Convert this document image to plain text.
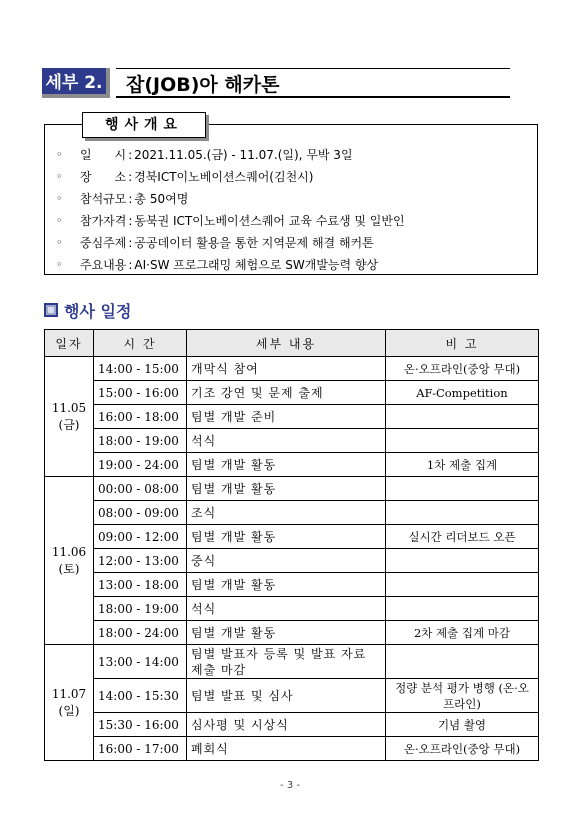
세부 2.	잡(JOB)아 해카톤
행사개요
◦	일      시 : 2021.11.05.(금) - 11.07.(일), 무박 3일
◦	장      소 : 경북ICT이노베이션스퀘어(김천시)
◦	참석규모 : 총 50여명
◦	참가자격 : 동북권 ICT이노베이션스퀘어 교육 수료생 및 일반인
◦	중심주제 : 공공데이터 활용을 통한 지역문제 해결 해커톤
◦	주요내용 : AI·SW 프로그래밍 체험으로 SW개발능력 향상
행사 일정
일자	시 간	세부 내용	비 고
11.05
(금)	14:00 - 15:00	개막식 참여	온·오프라인(중앙 무대)
	15:00 - 16:00	기조 강연 및 문제 출제	AF-Competition
	16:00 - 18:00	팀별 개발 준비	
	18:00 - 19:00	석식	
	19:00 - 24:00	팀별 개발 활동	1차 제출 집계
11.06
(토)	00:00 - 08:00	팀별 개발 활동	
	08:00 - 09:00	조식	
	09:00 - 12:00	팀별 개발 활동	실시간 리더보드 오픈
	12:00 - 13:00	중식	
	13:00 - 18:00	팀별 개발 활동	
	18:00 - 19:00	석식	
	18:00 - 24:00	팀별 개발 활동	2차 제출 집계 마감
11.07
(일)	13:00 - 14:00	팀별 발표자 등록 및 발표 자료 제출 마감	
	14:00 - 15:30	팀별 발표 및 심사	정량 분석 평가 병행 (온·오프라인)
	15:30 - 16:00	심사평 및 시상식	기념 촬영
	16:00 - 17:00	폐회식	온·오프라인(중앙 무대)
- 3 -
